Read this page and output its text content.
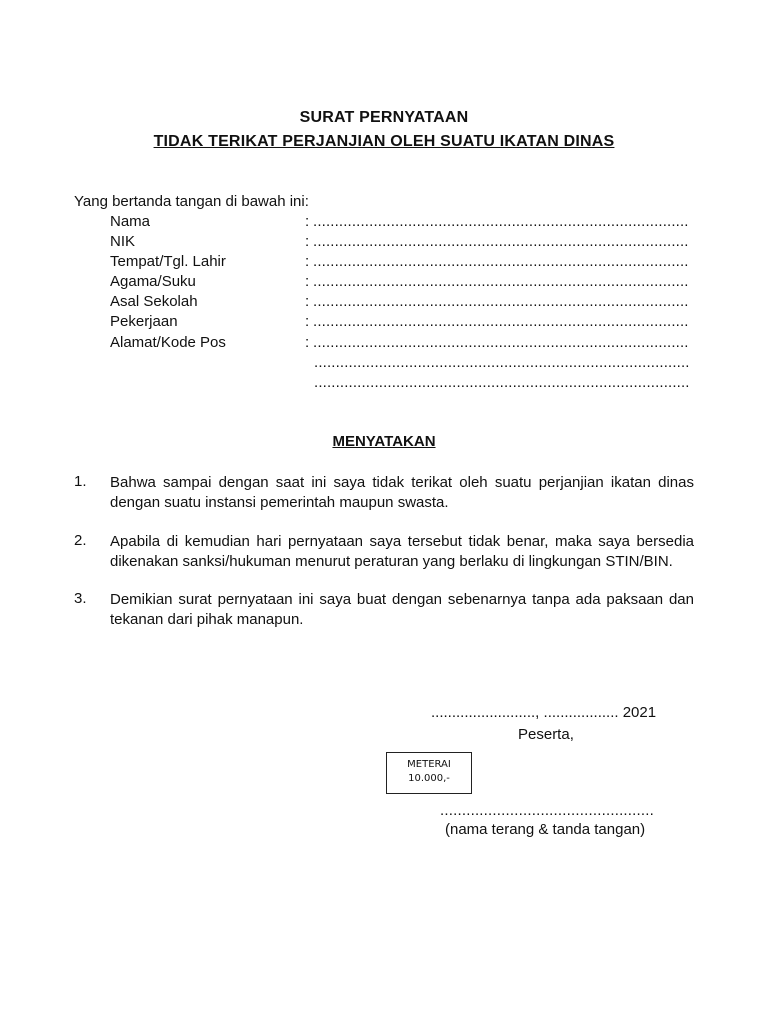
SURAT PERNYATAAN
TIDAK TERIKAT PERJANJIAN OLEH SUATU IKATAN DINAS
Yang bertanda tangan di bawah ini:
Nama	: .......................................................................................
NIK	: .......................................................................................
Tempat/Tgl. Lahir	: .......................................................................................
Agama/Suku	: .......................................................................................
Asal Sekolah	: .......................................................................................
Pekerjaan	: .......................................................................................
Alamat/Kode Pos	: .......................................................................................
.......................................................................................
.......................................................................................
MENYATAKAN
1. Bahwa sampai dengan saat ini saya tidak terikat oleh suatu perjanjian ikatan dinas dengan suatu instansi pemerintah maupun swasta.
2. Apabila di kemudian hari pernyataan saya tersebut tidak benar, maka saya bersedia dikenakan sanksi/hukuman menurut peraturan yang berlaku di lingkungan STIN/BIN.
3. Demikian surat pernyataan ini saya buat dengan sebenarnya tanpa ada paksaan dan tekanan dari pihak manapun.
........................., .................. 2021
Peserta,
METERAI
10.000,-
.................................................
(nama terang & tanda tangan)
